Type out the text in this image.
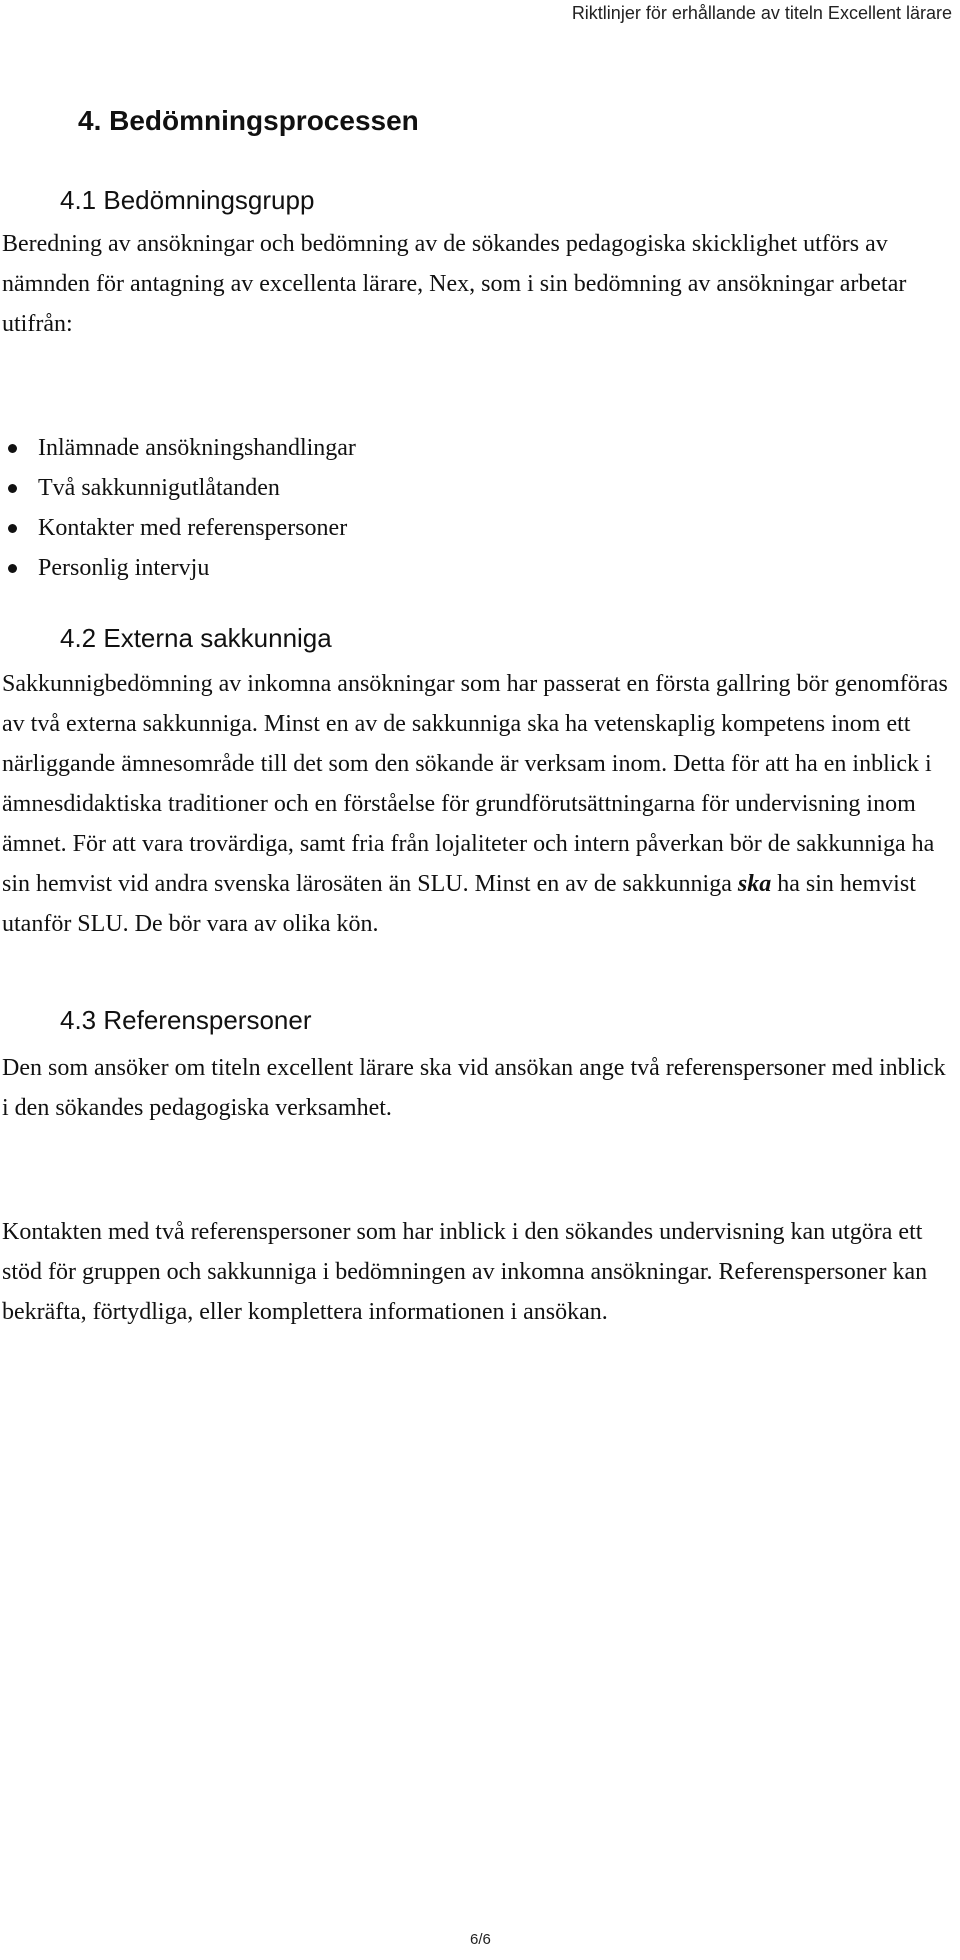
Riktlinjer för erhållande av titeln Excellent lärare
4. Bedömningsprocessen
4.1 Bedömningsgrupp

Beredning av ansökningar och bedömning av de sökandes pedagogiska skicklighet utförs av nämnden för antagning av excellenta lärare, Nex, som i sin bedömning av ansökningar arbetar utifrån:

Inlämnade ansökningshandlingar
Två sakkunnigutlåtanden
Kontakter med referenspersoner
Personlig intervju
4.2 Externa sakkunniga

Sakkunnigbedömning av inkomna ansökningar som har passerat en första gallring bör genomföras av två externa sakkunniga. Minst en av de sakkunniga ska ha vetenskaplig kompetens inom ett närliggande ämnesområde till det som den sökande är verksam inom. Detta för att ha en inblick i ämnesdidaktiska traditioner och en förståelse för grundförutsättningarna för undervisning inom ämnet. För att vara trovärdiga, samt fria från lojaliteter och intern påverkan bör de sakkunniga ha sin hemvist vid andra svenska lärosäten än SLU. Minst en av de sakkunniga ska ha sin hemvist utanför SLU. De bör vara av olika kön.

4.3 Referenspersoner

Den som ansöker om titeln excellent lärare ska vid ansökan ange två referenspersoner med inblick i den sökandes pedagogiska verksamhet.

Kontakten med två referenspersoner som har inblick i den sökandes undervisning kan utgöra ett stöd för gruppen och sakkunniga i bedömningen av inkomna ansökningar. Referenspersoner kan bekräfta, förtydliga, eller komplettera informationen i ansökan.

6/6
